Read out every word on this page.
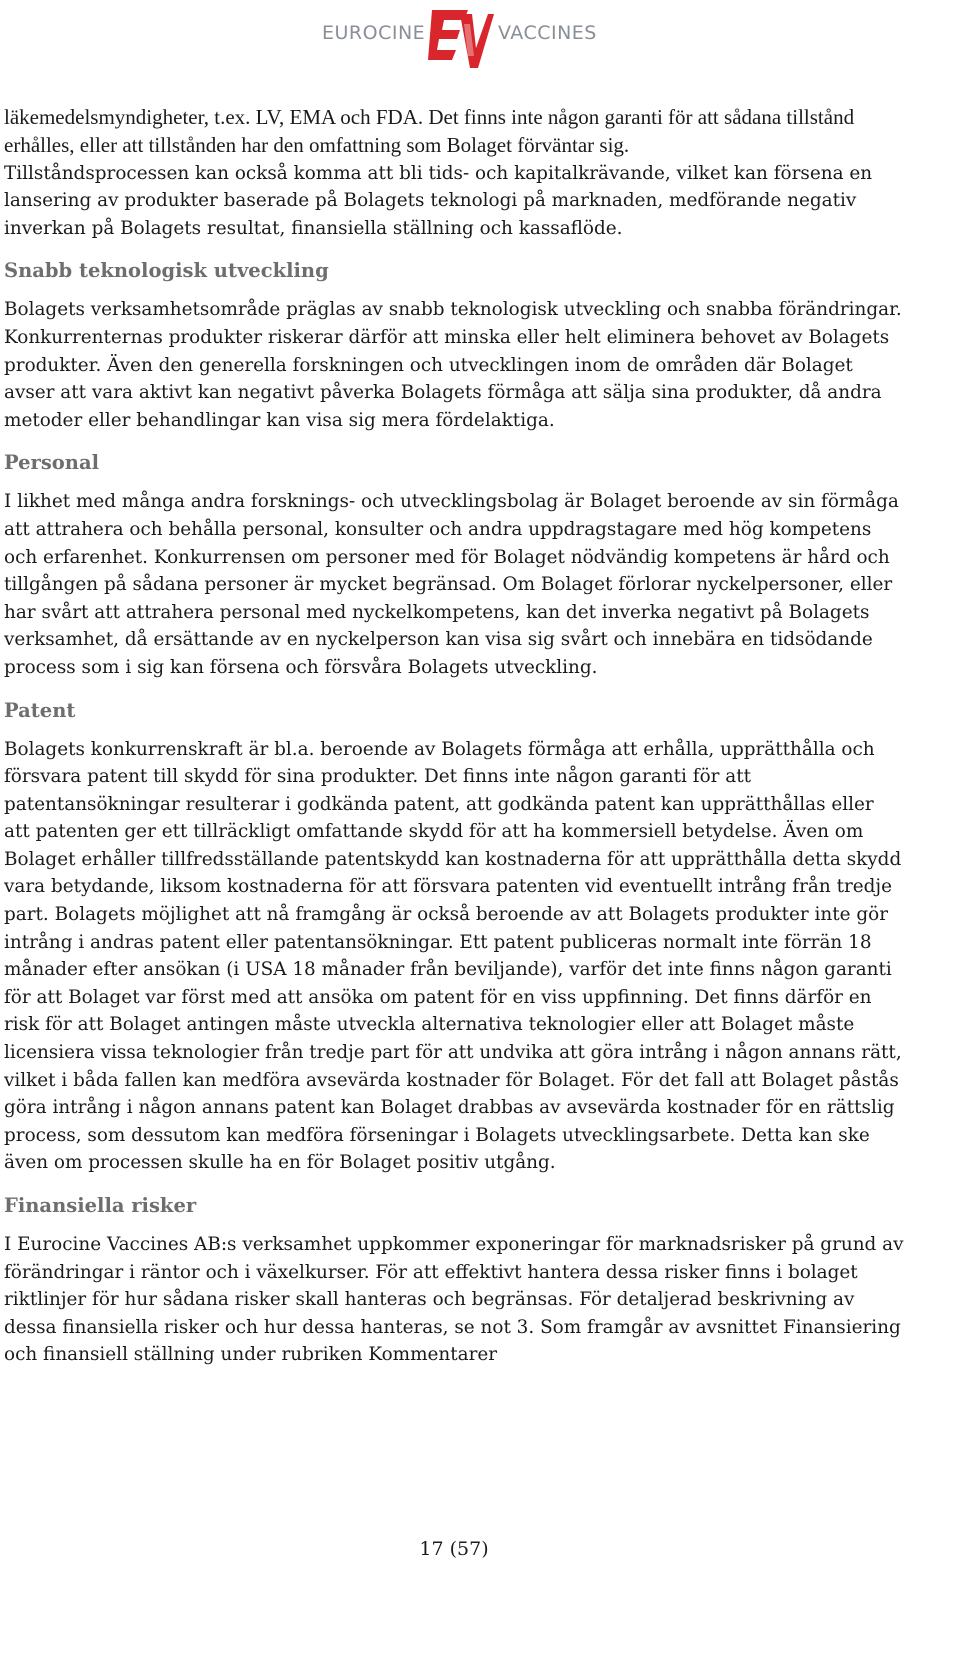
EUROCINE	VACCINES

läkemedelsmyndigheter, t.ex. LV, EMA och FDA. Det finns inte någon garanti för att sådana tillstånd erhålles, eller att tillstånden har den omfattning som Bolaget förväntar sig.

Tillståndsprocessen kan också komma att bli tids- och kapitalkrävande, vilket kan försena en lansering av produkter baserade på Bolagets teknologi på marknaden, medförande negativ inverkan på Bolagets resultat, finansiella ställning och kassaflöde.

Snabb teknologisk utveckling

Bolagets verksamhetsområde präglas av snabb teknologisk utveckling och snabba förändringar. Konkurrenternas produkter riskerar därför att minska eller helt eliminera behovet av Bolagets produkter. Även den generella forskningen och utvecklingen inom de områden där Bolaget avser att vara aktivt kan negativt påverka Bolagets förmåga att sälja sina produkter, då andra metoder eller behandlingar kan visa sig mera fördelaktiga.

Personal

I likhet med många andra forsknings- och utvecklingsbolag är Bolaget beroende av sin förmåga att attrahera och behålla personal, konsulter och andra uppdragstagare med hög kompetens och erfarenhet. Konkurrensen om personer med för Bolaget nödvändig kompetens är hård och tillgången på sådana personer är mycket begränsad. Om Bolaget förlorar nyckelpersoner, eller har svårt att attrahera personal med nyckelkompetens, kan det inverka negativt på Bolagets verksamhet, då ersättande av en nyckelperson kan visa sig svårt och innebära en tidsödande process som i sig kan försena och försvåra Bolagets utveckling.

Patent

Bolagets konkurrenskraft är bl.a. beroende av Bolagets förmåga att erhålla, upprätthålla och försvara patent till skydd för sina produkter. Det finns inte någon garanti för att patentansökningar resulterar i godkända patent, att godkända patent kan upprätthållas eller att patenten ger ett tillräckligt omfattande skydd för att ha kommersiell betydelse. Även om Bolaget erhåller tillfredsställande patentskydd kan kostnaderna för att upprätthålla detta skydd vara betydande, liksom kostnaderna för att försvara patenten vid eventuellt intrång från tredje part. Bolagets möjlighet att nå framgång är också beroende av att Bolagets produkter inte gör intrång i andras patent eller patentansökningar. Ett patent publiceras normalt inte förrän 18 månader efter ansökan (i USA 18 månader från beviljande), varför det inte finns någon garanti för att Bolaget var först med att ansöka om patent för en viss uppfinning. Det finns därför en risk för att Bolaget antingen måste utveckla alternativa teknologier eller att Bolaget måste licensiera vissa teknologier från tredje part för att undvika att göra intrång i någon annans rätt, vilket i båda fallen kan medföra avsevärda kostnader för Bolaget. För det fall att Bolaget påstås göra intrång i någon annans patent kan Bolaget drabbas av avsevärda kostnader för en rättslig process, som dessutom kan medföra förseningar i Bolagets utvecklingsarbete. Detta kan ske även om processen skulle ha en för Bolaget positiv utgång.

Finansiella risker

I Eurocine Vaccines AB:s verksamhet uppkommer exponeringar för marknadsrisker på grund av förändringar i räntor och i växelkurser. För att effektivt hantera dessa risker finns i bolaget riktlinjer för hur sådana risker skall hanteras och begränsas. För detaljerad beskrivning av dessa finansiella risker och hur dessa hanteras, se not 3. Som framgår av avsnittet Finansiering och finansiell ställning under rubriken Kommentarer

17 (57)
